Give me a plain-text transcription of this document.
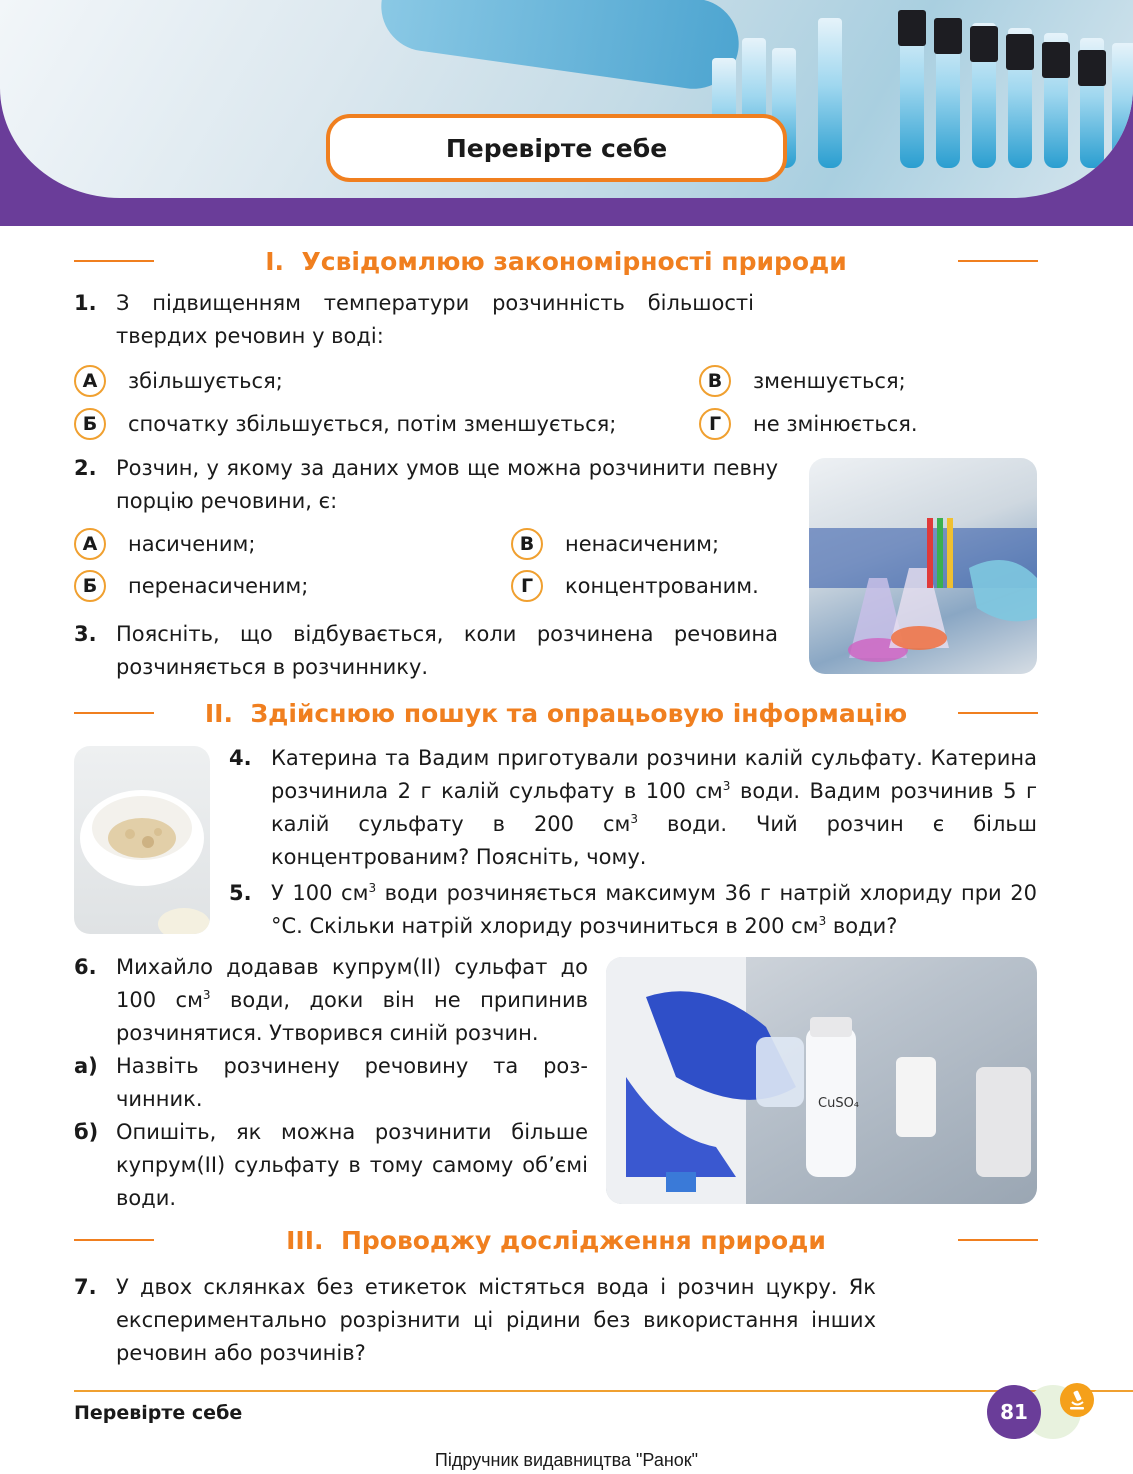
Перевірте себе
I. Усвідомлюю закономірності природи
1. З підвищенням температури розчинність більшості твердих речовин у воді:
А	збільшується;
Б	спочатку збільшується, потім зменшується;
В	зменшується;
Г	не змінюється.
2. Розчин, у якому за даних умов ще можна розчинити певну порцію речовини, є:
А	насиченим;
Б	перенасиченим;
В	ненасиченим;
Г	концентрованим.
3. Поясніть, що відбувається, коли розчинена речовина розчиняється в розчиннику.
II. Здійснюю пошук та опрацьовую інформацію
4. Катерина та Вадим приготували розчини калій сульфату. Катерина розчинила 2 г калій сульфату в 100 $см^3$ води. Вадим розчинив 5 г калій сульфату в 200 $см^3$ води. Чий розчин є більш концентрованим? Поясніть, чому.
5. У 100 $см^3$ води розчиняється максимум 36 г натрій хлориду при 20 °C. Скільки натрій хлориду розчиниться в 200 $см^3$ води?
6. Михайло додавав купрум(II) сульфат до 100 $см^3$ води, доки він не припинив розчинятися. Утворився синій розчин.
а) Назвіть розчинену речовину та розчинник.
б) Опишіть, як можна розчинити більше купрум(II) сульфату в тому самому об’ємі води.
CuSO₄
III. Проводжу дослідження природи
7. У двох склянках без етикеток містяться вода і розчин цукру. Як експериментально розрізнити ці рідини без використання інших речовин або розчинів?
Перевірте себе	81
Підручник видавництва "Ранок"
